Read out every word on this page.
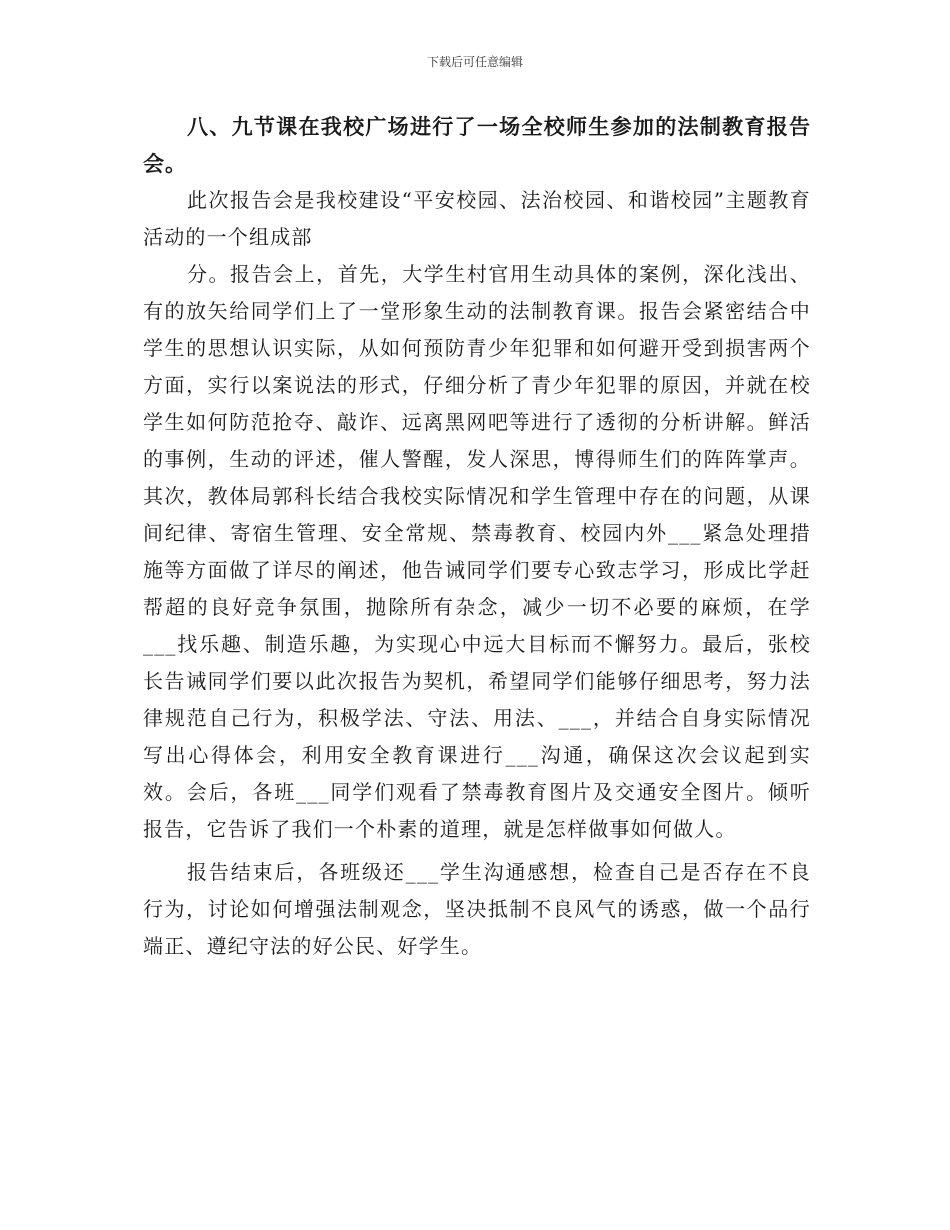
下载后可任意编辑

八、九节课在我校广场进行了一场全校师生参加的法制教育报告会。

此次报告会是我校建设“平安校园、法治校园、和谐校园”主题教育活动的一个组成部

分。报告会上，首先，大学生村官用生动具体的案例，深化浅出、有的放矢给同学们上了一堂形象生动的法制教育课。报告会紧密结合中学生的思想认识实际，从如何预防青少年犯罪和如何避开受到损害两个方面，实行以案说法的形式，仔细分析了青少年犯罪的原因，并就在校学生如何防范抢夺、敲诈、远离黑网吧等进行了透彻的分析讲解。鲜活的事例，生动的评述，催人警醒，发人深思，博得师生们的阵阵掌声。其次，教体局郭科长结合我校实际情况和学生管理中存在的问题，从课间纪律、寄宿生管理、安全常规、禁毒教育、校园内外___紧急处理措施等方面做了详尽的阐述，他告诫同学们要专心致志学习，形成比学赶帮超的良好竞争氛围，抛除所有杂念，减少一切不必要的麻烦，在学___找乐趣、制造乐趣，为实现心中远大目标而不懈努力。最后，张校长告诫同学们要以此次报告为契机，希望同学们能够仔细思考，努力法律规范自己行为，积极学法、守法、用法、___，并结合自身实际情况写出心得体会，利用安全教育课进行___沟通，确保这次会议起到实效。会后，各班___同学们观看了禁毒教育图片及交通安全图片。倾听报告，它告诉了我们一个朴素的道理，就是怎样做事如何做人。

报告结束后，各班级还___学生沟通感想，检查自己是否存在不良行为，讨论如何增强法制观念，坚决抵制不良风气的诱惑，做一个品行端正、遵纪守法的好公民、好学生。
